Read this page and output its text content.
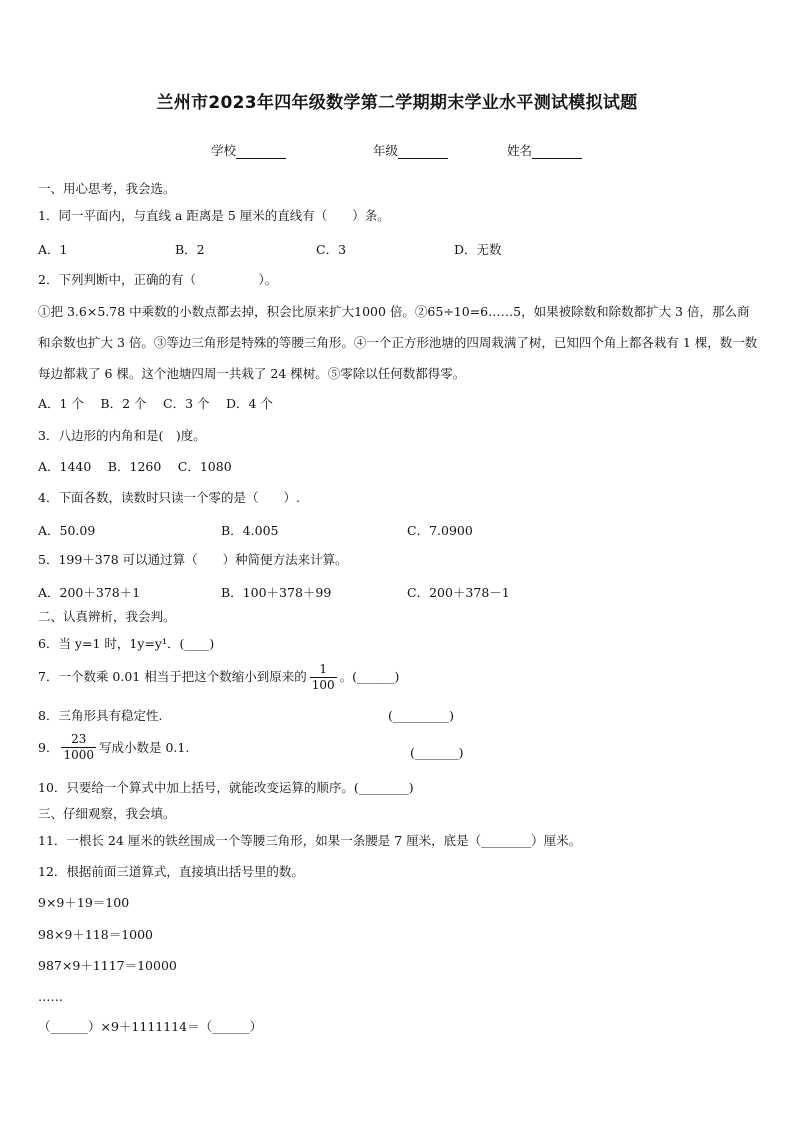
兰州市2023年四年级数学第二学期期末学业水平测试模拟试题
学校	年级	姓名
一、用心思考，我会选。
1．同一平面内，与直线 a 距离是 5 厘米的直线有（　　）条。
A．1	B．2	C．3	D．无数
2．下列判断中，正确的有（　　　　　）。
①把 3.6×5.78 中乘数的小数点都去掉，积会比原来扩大1000 倍。②65÷10=6……5，如果被除数和除数都扩大 3 倍，那么商和余数也扩大 3 倍。③等边三角形是特殊的等腰三角形。④一个正方形池塘的四周栽满了树，已知四个角上都各栽有 1 棵，数一数每边都栽了 6 棵。这个池塘四周一共栽了 24 棵树。⑤零除以任何数都得零。
A．1 个　 B．2 个　 C．3 个　 D．4 个
3．八边形的内角和是(　)度。
A．1440　 B．1260　 C．1080
4．下面各数，读数时只读一个零的是（　　）.
A．50.09	B．4.005	C．7.0900
5．199＋378 可以通过算（　　）种简便方法来计算。
A．200＋378＋1	B．100＋378＋99	C．200＋378－1
二、认真辨析，我会判。
6．当 y=1 时，1y=y¹．(____)
7．一个数乘 0.01 相当于把这个数缩小到原来的 $\frac{1}{100}$ 。(______)
8．三角形具有稳定性.	(_________)
9． $\frac{23}{1000}$ 写成小数是 0.1.	(_______)
10．只要给一个算式中加上括号，就能改变运算的顺序。(________)
三、仔细观察，我会填。
11．一根长 24 厘米的铁丝围成一个等腰三角形，如果一条腰是 7 厘米，底是（________）厘米。
12．根据前面三道算式，直接填出括号里的数。
9×9＋19＝100
98×9＋118＝1000
987×9＋1117＝10000
……
（______）×9＋1111114＝（______）
